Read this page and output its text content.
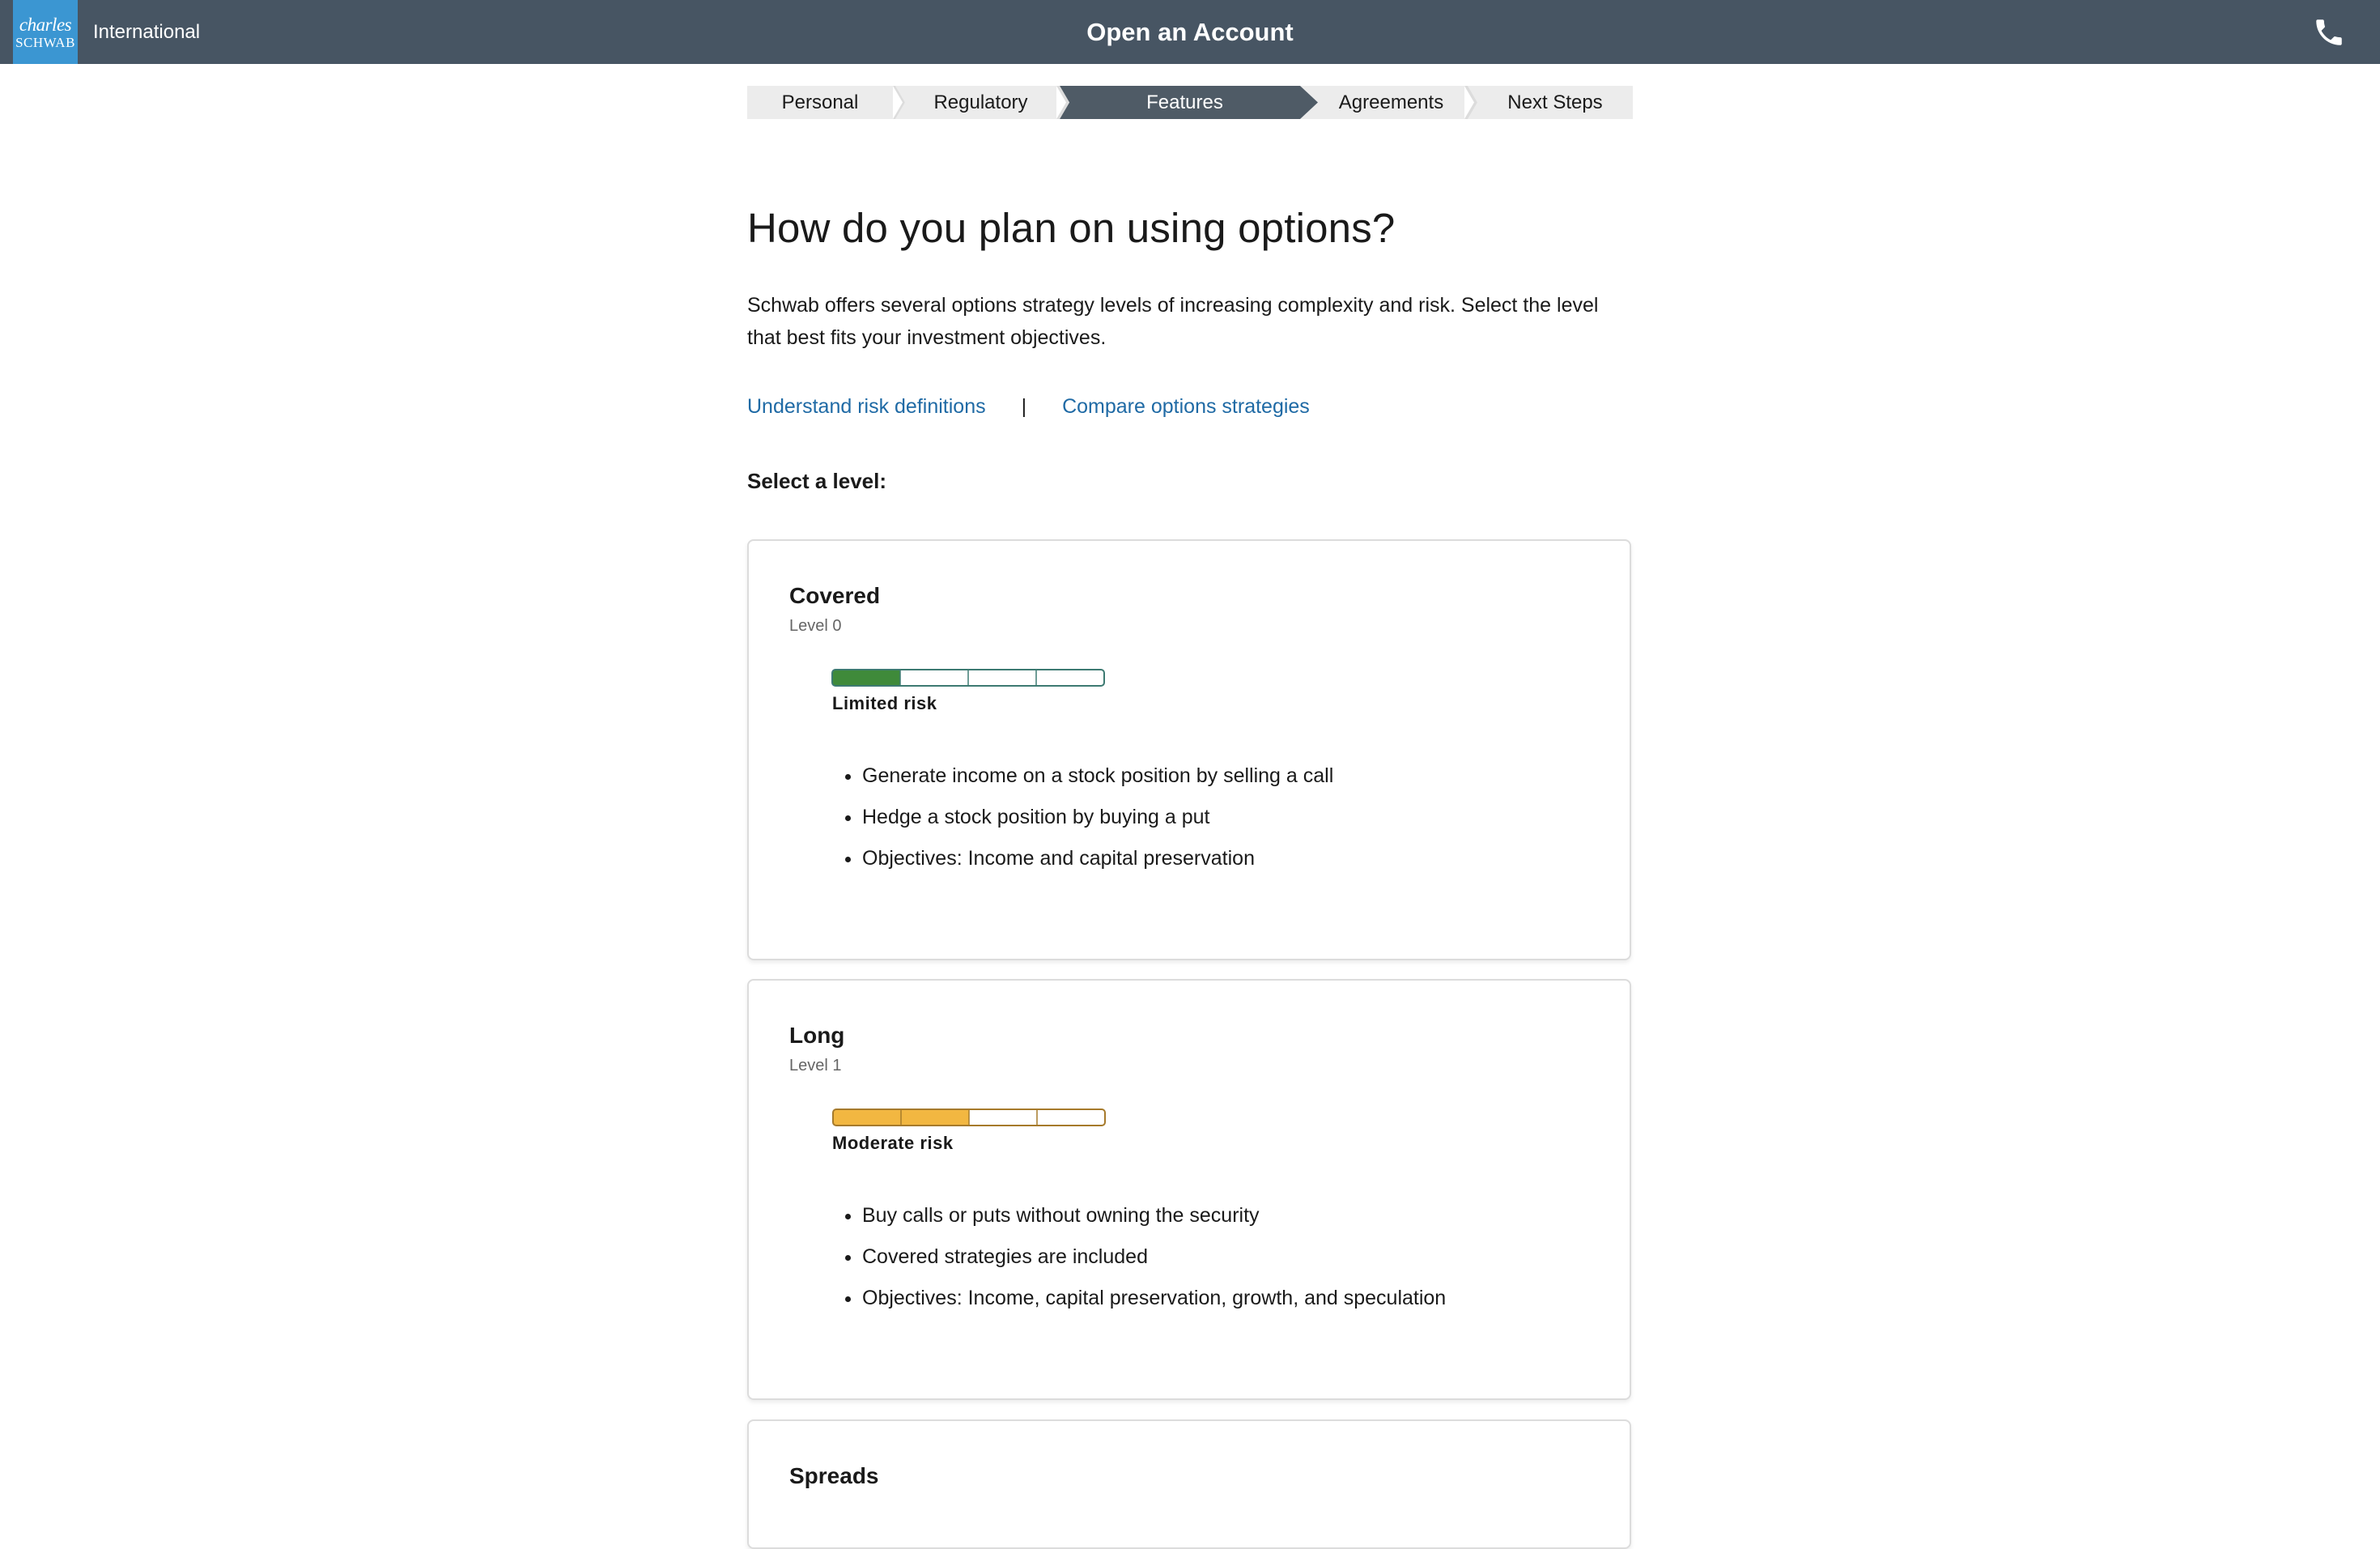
charles
SCHWAB International	Open an Account
Personal	Regulatory	Features	Agreements	Next Steps
How do you plan on using options?

Schwab offers several options strategy levels of increasing complexity and risk. Select the level that best fits your investment objectives.

Understand risk definitions | Compare options strategies
Select a level:
Covered
Level 0
Limited risk
• Generate income on a stock position by selling a call
• Hedge a stock position by buying a put
• Objectives: Income and capital preservation
Long
Level 1
Moderate risk
• Buy calls or puts without owning the security
• Covered strategies are included
• Objectives: Income, capital preservation, growth, and speculation
Spreads
